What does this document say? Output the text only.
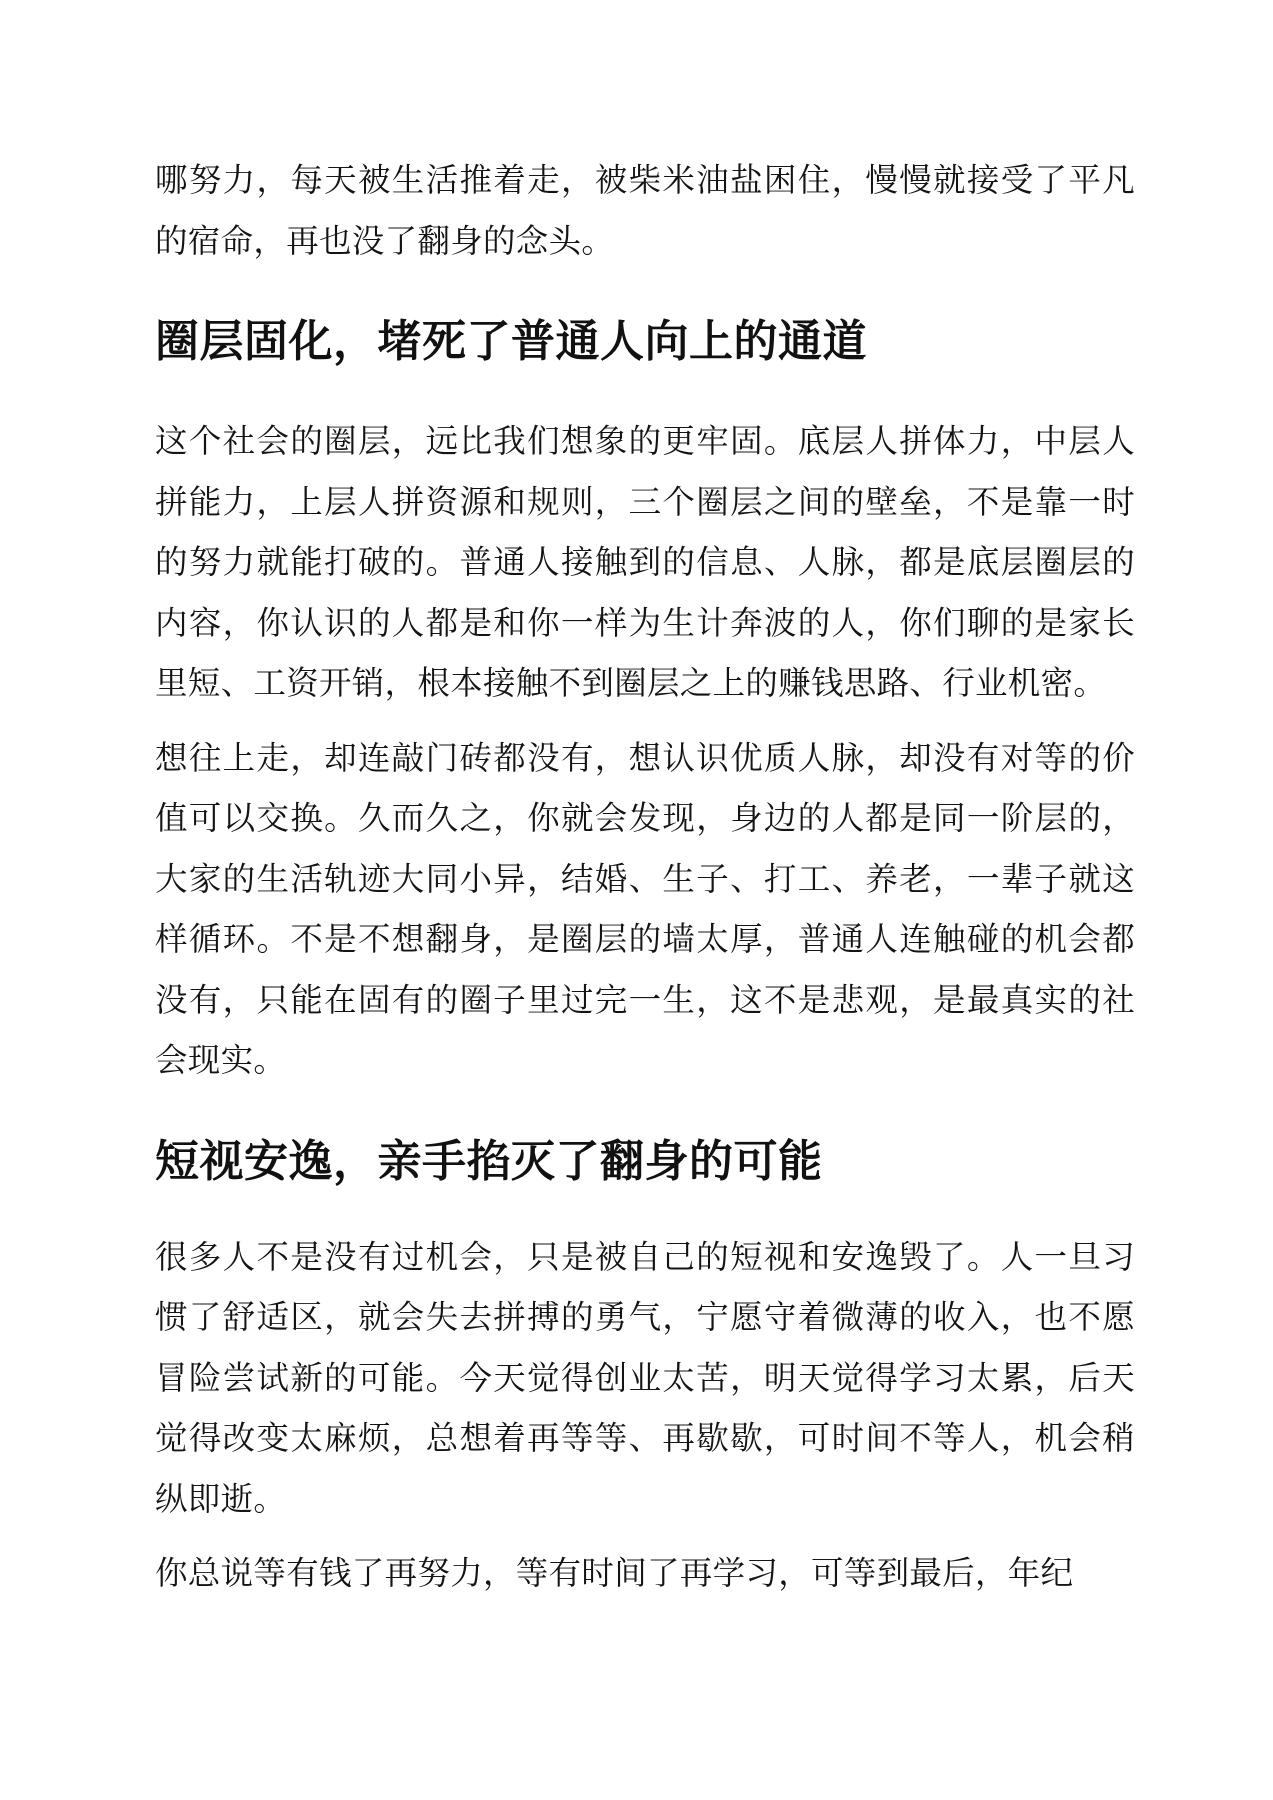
哪努力，每天被生活推着走，被柴米油盐困住，慢慢就接受了平凡的宿命，再也没了翻身的念头。

圈层固化，堵死了普通人向上的通道

这个社会的圈层，远比我们想象的更牢固。底层人拼体力，中层人拼能力，上层人拼资源和规则，三个圈层之间的壁垒，不是靠一时的努力就能打破的。普通人接触到的信息、人脉，都是底层圈层的内容，你认识的人都是和你一样为生计奔波的人，你们聊的是家长里短、工资开销，根本接触不到圈层之上的赚钱思路、行业机密。

想往上走，却连敲门砖都没有，想认识优质人脉，却没有对等的价值可以交换。久而久之，你就会发现，身边的人都是同一阶层的，大家的生活轨迹大同小异，结婚、生子、打工、养老，一辈子就这样循环。不是不想翻身，是圈层的墙太厚，普通人连触碰的机会都没有，只能在固有的圈子里过完一生，这不是悲观，是最真实的社会现实。

短视安逸，亲手掐灭了翻身的可能

很多人不是没有过机会，只是被自己的短视和安逸毁了。人一旦习惯了舒适区，就会失去拼搏的勇气，宁愿守着微薄的收入，也不愿冒险尝试新的可能。今天觉得创业太苦，明天觉得学习太累，后天觉得改变太麻烦，总想着再等等、再歇歇，可时间不等人，机会稍纵即逝。

你总说等有钱了再努力，等有时间了再学习，可等到最后，年纪
